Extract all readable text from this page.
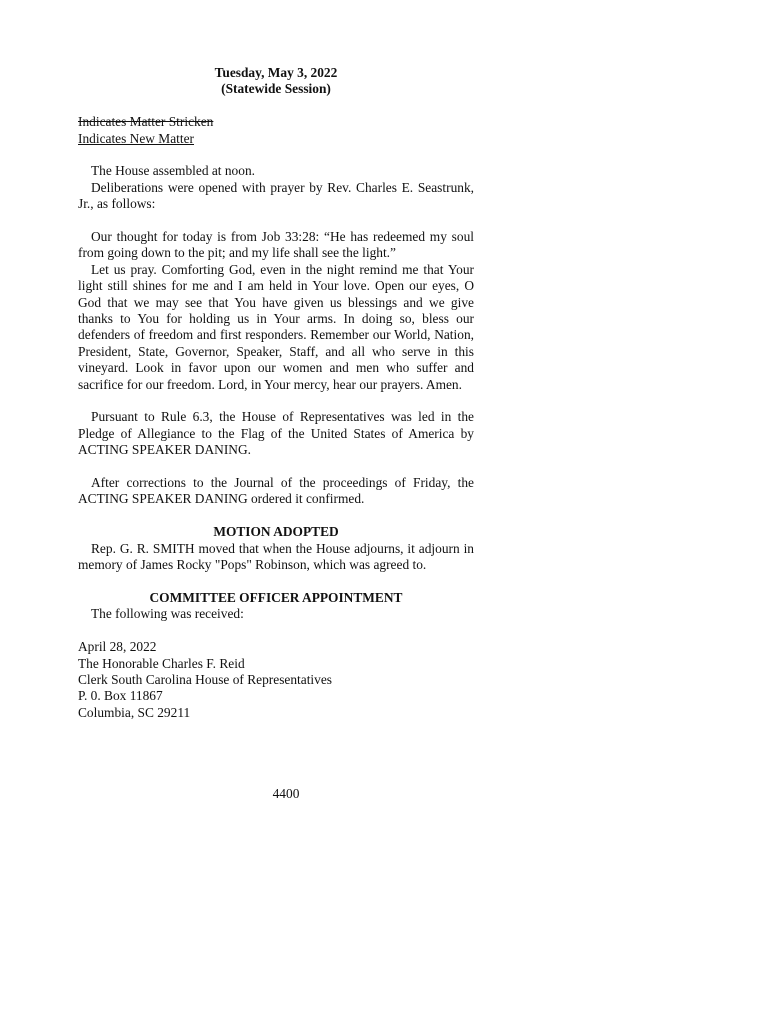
Tuesday, May 3, 2022

(Statewide Session)

Indicates Matter Stricken

Indicates New Matter

The House assembled at noon.

Deliberations were opened with prayer by Rev. Charles E. Seastrunk, Jr., as follows:

Our thought for today is from Job 33:28: “He has redeemed my soul from going down to the pit; and my life shall see the light.”

Let us pray. Comforting God, even in the night remind me that Your light still shines for me and I am held in Your love. Open our eyes, O God that we may see that You have given us blessings and we give thanks to You for holding us in Your arms. In doing so, bless our defenders of freedom and first responders. Remember our World, Nation, President, State, Governor, Speaker, Staff, and all who serve in this vineyard. Look in favor upon our women and men who suffer and sacrifice for our freedom. Lord, in Your mercy, hear our prayers. Amen.

Pursuant to Rule 6.3, the House of Representatives was led in the Pledge of Allegiance to the Flag of the United States of America by ACTING SPEAKER DANING.

After corrections to the Journal of the proceedings of Friday, the ACTING SPEAKER DANING ordered it confirmed.

MOTION ADOPTED

Rep. G. R. SMITH moved that when the House adjourns, it adjourn in memory of James Rocky "Pops" Robinson, which was agreed to.

COMMITTEE OFFICER APPOINTMENT

The following was received:

April 28, 2022

The Honorable Charles F. Reid

Clerk South Carolina House of Representatives

P. 0. Box 11867

Columbia, SC 29211

4400
